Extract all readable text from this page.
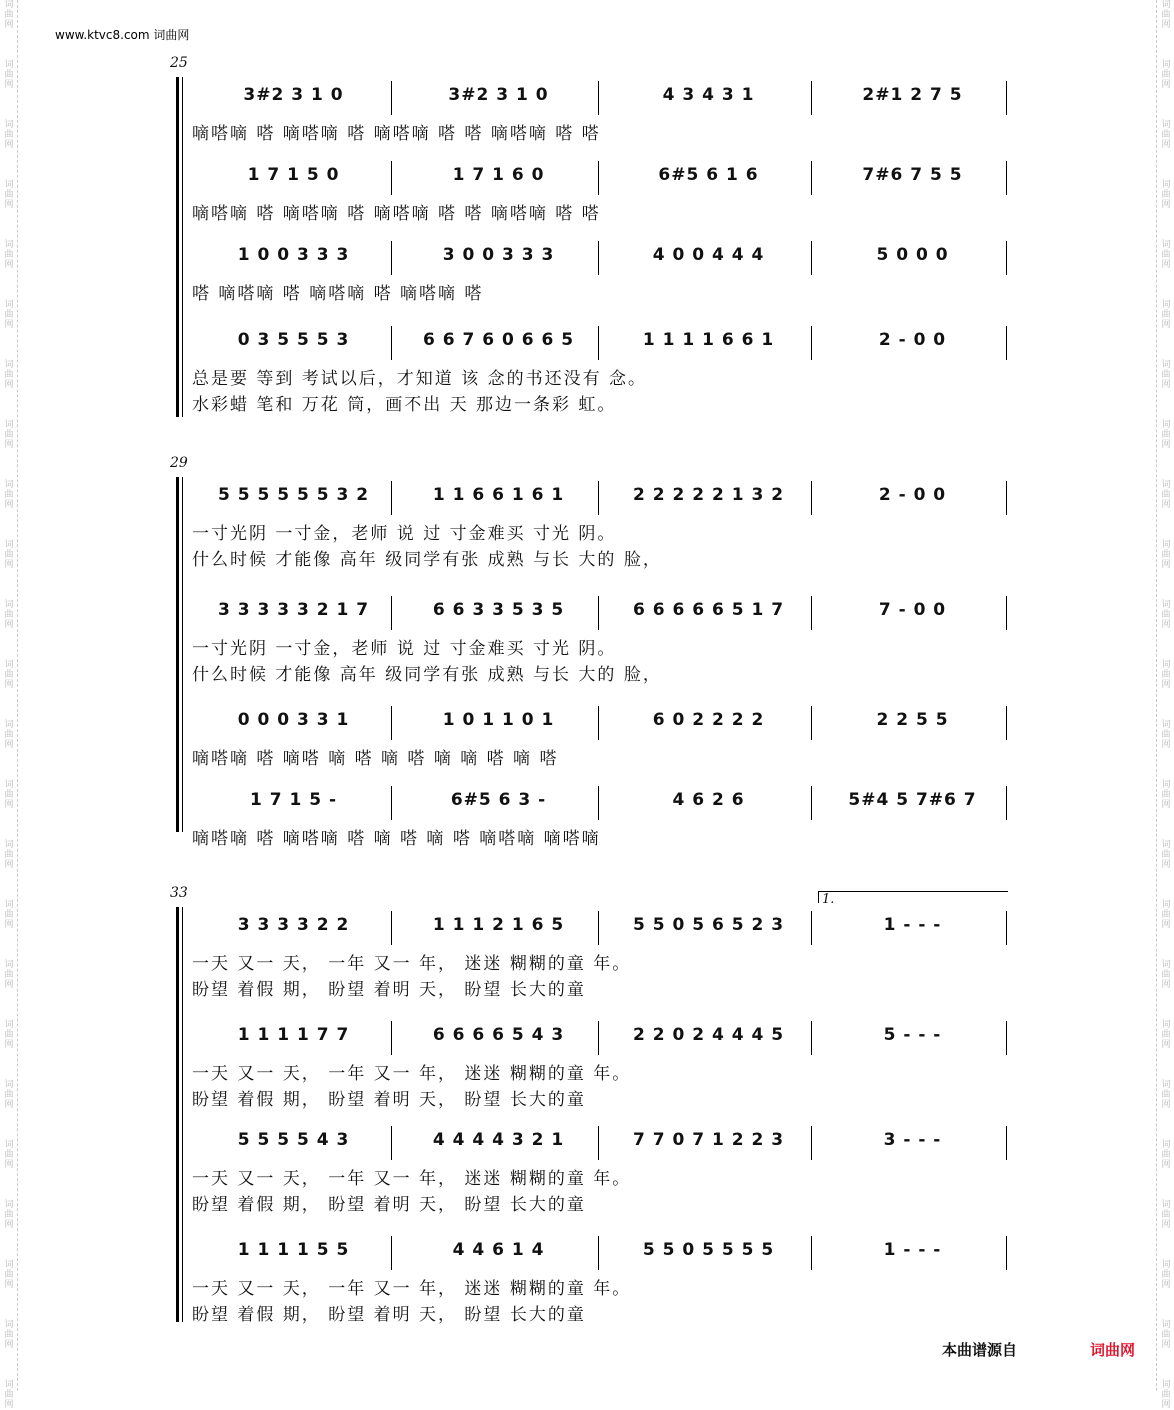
词
曲
网
词
曲
网
词
曲
网
词
曲
网
词
曲
网
词
曲
网
词
曲
网
词
曲
网
词
曲
网
词
曲
网
词
曲
网
词
曲
网
词
曲
网
词
曲
网
词
曲
网
词
曲
网
词
曲
网
词
曲
网
词
曲
网
词
曲
网
词
曲
网
词
曲
网
词
曲
网
词
曲
网
词
曲
网
词
曲
网
词
曲
网
词
曲
网
词
曲
网
词
曲
网
词
曲
网
词
曲
网
词
曲
网
词
曲
网
词
曲
网
词
曲
网
词
曲
网
词
曲
网
词
曲
网
词
曲
网
词
曲
网
词
曲
网
词
曲
网
词
曲
网
词
曲
网
词
曲
网
词
曲
网
词
曲
网
www.ktvc8.com 词曲网
25
3#2 3 1 0	3#2 3 1 0	4 3 4 3 1	2#1 2 7 5
嘀嗒嘀 嗒 嘀嗒嘀 嗒 嘀嗒嘀 嗒 嗒 嘀嗒嘀 嗒 嗒
1 7 1 5 0	1 7 1 6 0	6#5 6 1 6	7#6 7 5 5
嘀嗒嘀 嗒 嘀嗒嘀 嗒 嘀嗒嘀 嗒 嗒 嘀嗒嘀 嗒 嗒
1 0 0 3 3 3	3 0 0 3 3 3	4 0 0 4 4 4	5 0 0 0
嗒 嘀嗒嘀 嗒 嘀嗒嘀 嗒 嘀嗒嘀 嗒
0 3 5 5 5 3	6 6 7 6 0 6 6 5	1 1 1 1 6 6 1	2 - 0 0
总是要 等到 考试以后，才知道 该 念的书还没有 念。
水彩蜡 笔和 万花 筒，画不出 天 那边一条彩 虹。
29
5 5 5 5 5 5 3 2	1 1 6 6 1 6 1	2 2 2 2 2 1 3 2	2 - 0 0
一寸光阴 一寸金，老师 说 过 寸金难买 寸光 阴。
什么时候 才能像 高年 级同学有张 成熟 与长 大的 脸，
3 3 3 3 3 2 1 7	6 6 3 3 5 3 5	6 6 6 6 6 5 1 7	7 - 0 0
一寸光阴 一寸金，老师 说 过 寸金难买 寸光 阴。
什么时候 才能像 高年 级同学有张 成熟 与长 大的 脸，
0 0 0 3 3 1	1 0 1 1 0 1	6 0 2 2 2 2	2 2 5 5
嘀嗒嘀 嗒 嘀嗒 嘀 嗒 嘀 嗒 嘀 嘀 嗒 嘀 嗒
1 7 1 5 -	6#5 6 3 -	4 6 2 6	5#4 5 7#6 7
嘀嗒嘀 嗒 嘀嗒嘀 嗒 嘀 嗒 嘀 嗒 嘀嗒嘀 嘀嗒嘀
33	1.
3 3 3 3 2 2	1 1 1 2 1 6 5	5 5 0 5 6 5 2 3	1 - - -
一天 又一 天， 一年 又一 年， 迷迷 糊糊的童 年。
盼望 着假 期， 盼望 着明 天， 盼望 长大的童
1 1 1 1 7 7	6 6 6 6 5 4 3	2 2 0 2 4 4 4 5	5 - - -
一天 又一 天， 一年 又一 年， 迷迷 糊糊的童 年。
盼望 着假 期， 盼望 着明 天， 盼望 长大的童
5 5 5 5 4 3	4 4 4 4 3 2 1	7 7 0 7 1 2 2 3	3 - - -
一天 又一 天， 一年 又一 年， 迷迷 糊糊的童 年。
盼望 着假 期， 盼望 着明 天， 盼望 长大的童
1 1 1 1 5 5	4 4 6 1 4	5 5 0 5 5 5 5	1 - - -
一天 又一 天， 一年 又一 年， 迷迷 糊糊的童 年。
盼望 着假 期， 盼望 着明 天， 盼望 长大的童
本曲谱源自	词曲网
